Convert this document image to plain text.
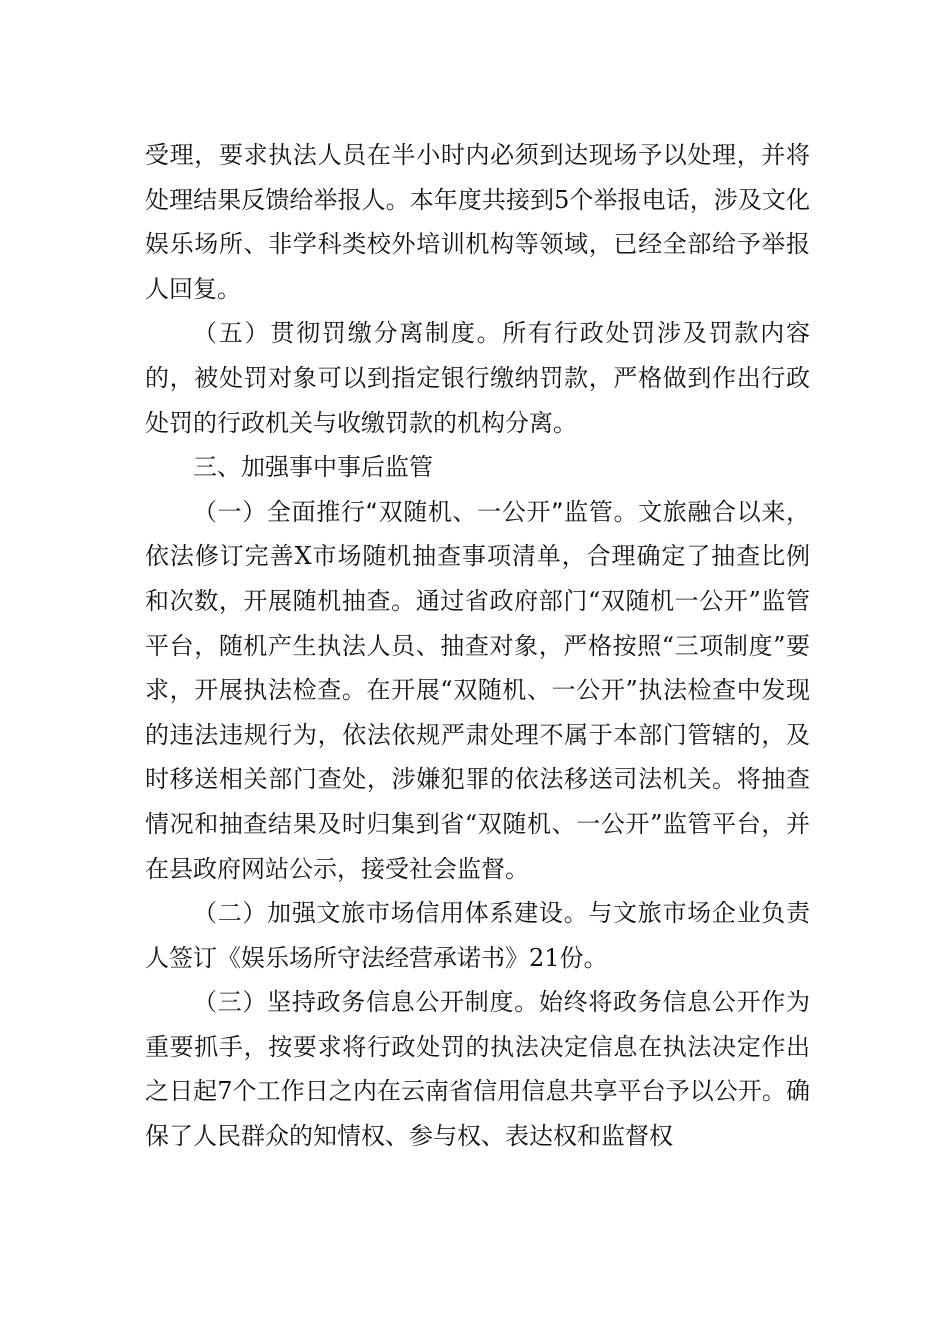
受理，要求执法人员在半小时内必须到达现场予以处理，并将处理结果反馈给举报人。本年度共接到5个举报电话，涉及文化娱乐场所、非学科类校外培训机构等领域，已经全部给予举报人回复。

（五）贯彻罚缴分离制度。所有行政处罚涉及罚款内容的，被处罚对象可以到指定银行缴纳罚款，严格做到作出行政处罚的行政机关与收缴罚款的机构分离。

三、加强事中事后监管

（一）全面推行“双随机、一公开”监管。文旅融合以来，依法修订完善X市场随机抽查事项清单，合理确定了抽查比例和次数，开展随机抽查。通过省政府部门“双随机一公开”监管平台，随机产生执法人员、抽查对象，严格按照“三项制度”要求，开展执法检查。在开展“双随机、一公开”执法检查中发现的违法违规行为，依法依规严肃处理不属于本部门管辖的，及时移送相关部门查处，涉嫌犯罪的依法移送司法机关。将抽查情况和抽查结果及时归集到省“双随机、一公开”监管平台，并在县政府网站公示，接受社会监督。

（二）加强文旅市场信用体系建设。与文旅市场企业负责人签订《娱乐场所守法经营承诺书》21份。

（三）坚持政务信息公开制度。始终将政务信息公开作为重要抓手，按要求将行政处罚的执法决定信息在执法决定作出之日起7个工作日之内在云南省信用信息共享平台予以公开。确保了人民群众的知情权、参与权、表达权和监督权
